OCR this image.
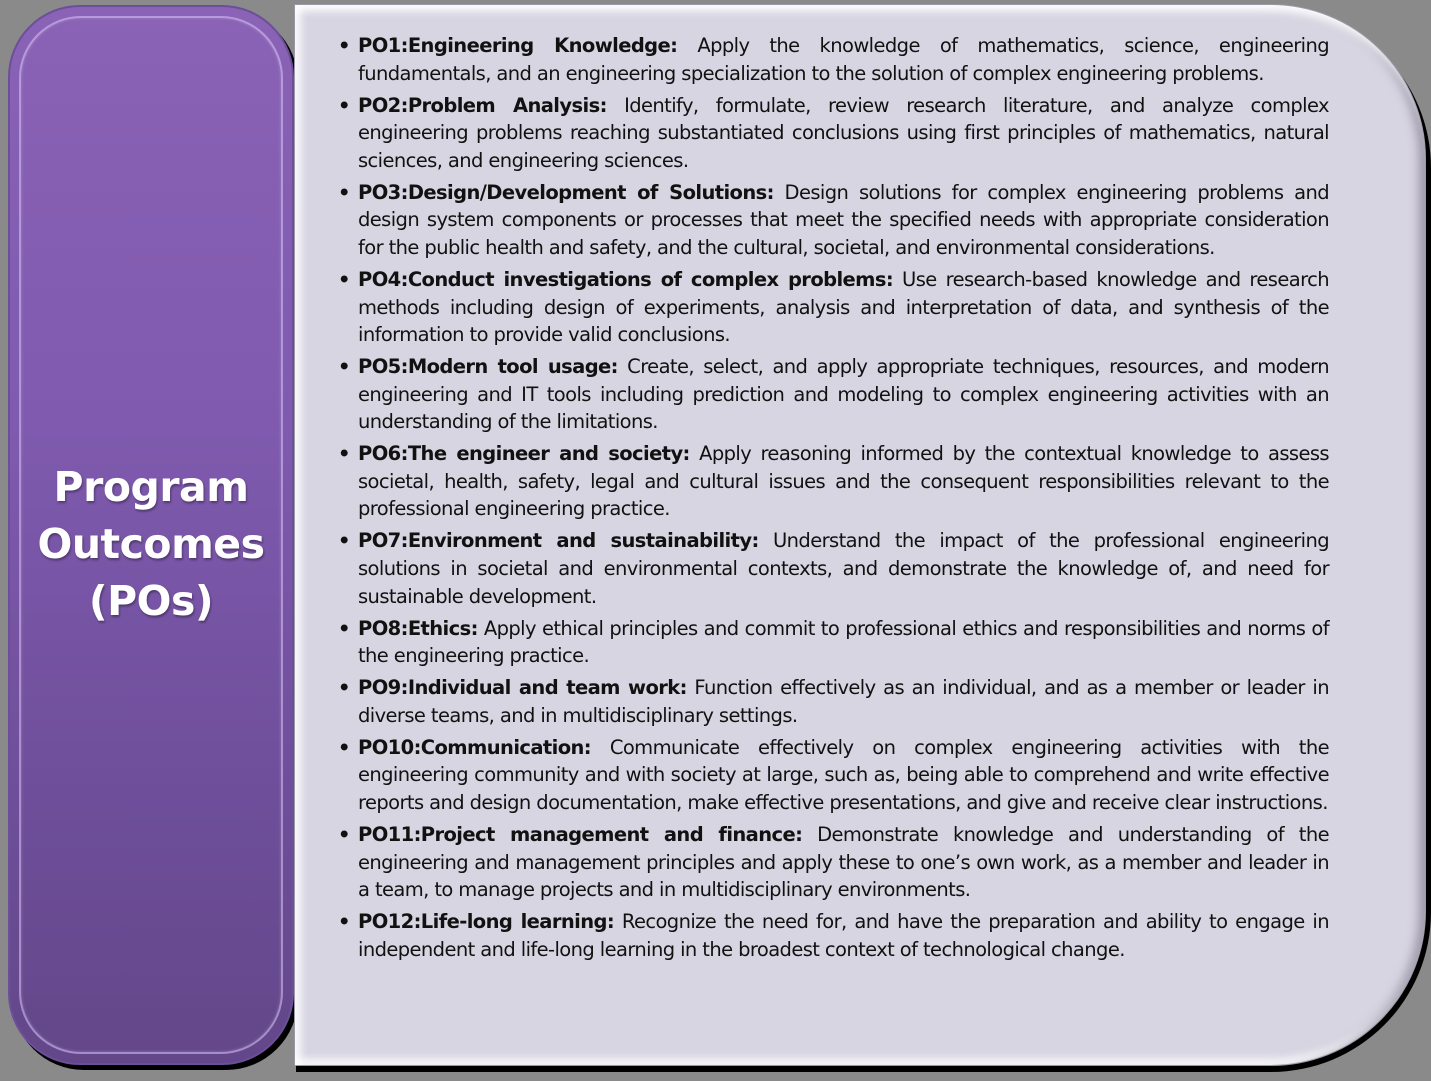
Program
Outcomes
(POs)
• PO1:Engineering Knowledge: Apply the knowledge of mathematics, science, engineering fundamentals, and an engineering specialization to the solution of complex engineering problems.
• PO2:Problem Analysis: Identify, formulate, review research literature, and analyze complex engineering problems reaching substantiated conclusions using first principles of mathematics, natural sciences, and engineering sciences.
• PO3:Design/Development of Solutions: Design solutions for complex engineering problems and design system components or processes that meet the specified needs with appropriate consideration for the public health and safety, and the cultural, societal, and environmental considerations.
• PO4:Conduct investigations of complex problems: Use research-based knowledge and research methods including design of experiments, analysis and interpretation of data, and synthesis of the information to provide valid conclusions.
• PO5:Modern tool usage: Create, select, and apply appropriate techniques, resources, and modern engineering and IT tools including prediction and modeling to complex engineering activities with an understanding of the limitations.
• PO6:The engineer and society: Apply reasoning informed by the contextual knowledge to assess societal, health, safety, legal and cultural issues and the consequent responsibilities relevant to the professional engineering practice.
• PO7:Environment and sustainability: Understand the impact of the professional engineering solutions in societal and environmental contexts, and demonstrate the knowledge of, and need for sustainable development.
• PO8:Ethics: Apply ethical principles and commit to professional ethics and responsibilities and norms of the engineering practice.
• PO9:Individual and team work: Function effectively as an individual, and as a member or leader in diverse teams, and in multidisciplinary settings.
• PO10:Communication: Communicate effectively on complex engineering activities with the engineering community and with society at large, such as, being able to comprehend and write effective reports and design documentation, make effective presentations, and give and receive clear instructions.
• PO11:Project management and finance: Demonstrate knowledge and understanding of the engineering and management principles and apply these to one’s own work, as a member and leader in a team, to manage projects and in multidisciplinary environments.
• PO12:Life-long learning: Recognize the need for, and have the preparation and ability to engage in independent and life-long learning in the broadest context of technological change.
